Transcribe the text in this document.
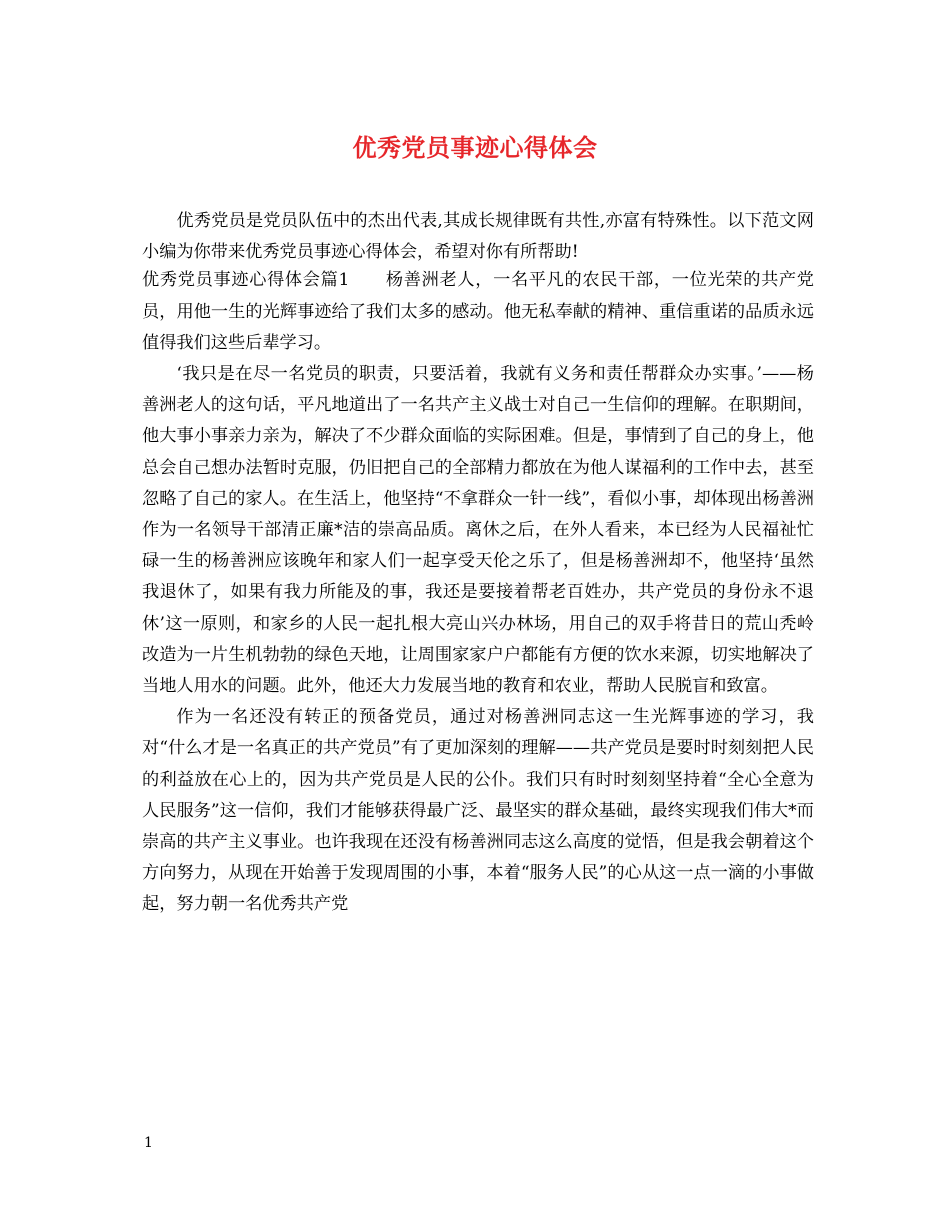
优秀党员事迹心得体会

优秀党员是党员队伍中的杰出代表,其成长规律既有共性,亦富有特殊性。以下范文网小编为你带来优秀党员事迹心得体会，希望对你有所帮助!

优秀党员事迹心得体会篇1　　杨善洲老人，一名平凡的农民干部，一位光荣的共产党员，用他一生的光辉事迹给了我们太多的感动。他无私奉献的精神、重信重诺的品质永远值得我们这些后辈学习。

‘我只是在尽一名党员的职责，只要活着，我就有义务和责任帮群众办实事。’——杨善洲老人的这句话，平凡地道出了一名共产主义战士对自己一生信仰的理解。在职期间，他大事小事亲力亲为，解决了不少群众面临的实际困难。但是，事情到了自己的身上，他总会自己想办法暂时克服，仍旧把自己的全部精力都放在为他人谋福利的工作中去，甚至忽略了自己的家人。在生活上，他坚持“不拿群众一针一线”，看似小事，却体现出杨善洲作为一名领导干部清正廉*洁的崇高品质。离休之后，在外人看来，本已经为人民福祉忙碌一生的杨善洲应该晚年和家人们一起享受天伦之乐了，但是杨善洲却不，他坚持‘虽然我退休了，如果有我力所能及的事，我还是要接着帮老百姓办，共产党员的身份永不退休’这一原则，和家乡的人民一起扎根大亮山兴办林场，用自己的双手将昔日的荒山秃岭改造为一片生机勃勃的绿色天地，让周围家家户户都能有方便的饮水来源，切实地解决了当地人用水的问题。此外，他还大力发展当地的教育和农业，帮助人民脱盲和致富。

作为一名还没有转正的预备党员，通过对杨善洲同志这一生光辉事迹的学习，我对“什么才是一名真正的共产党员”有了更加深刻的理解——共产党员是要时时刻刻把人民的利益放在心上的，因为共产党员是人民的公仆。我们只有时时刻刻坚持着“全心全意为人民服务”这一信仰，我们才能够获得最广泛、最坚实的群众基础，最终实现我们伟大*而崇高的共产主义事业。也许我现在还没有杨善洲同志这么高度的觉悟，但是我会朝着这个方向努力，从现在开始善于发现周围的小事，本着“服务人民”的心从这一点一滴的小事做起，努力朝一名优秀共产党

1
